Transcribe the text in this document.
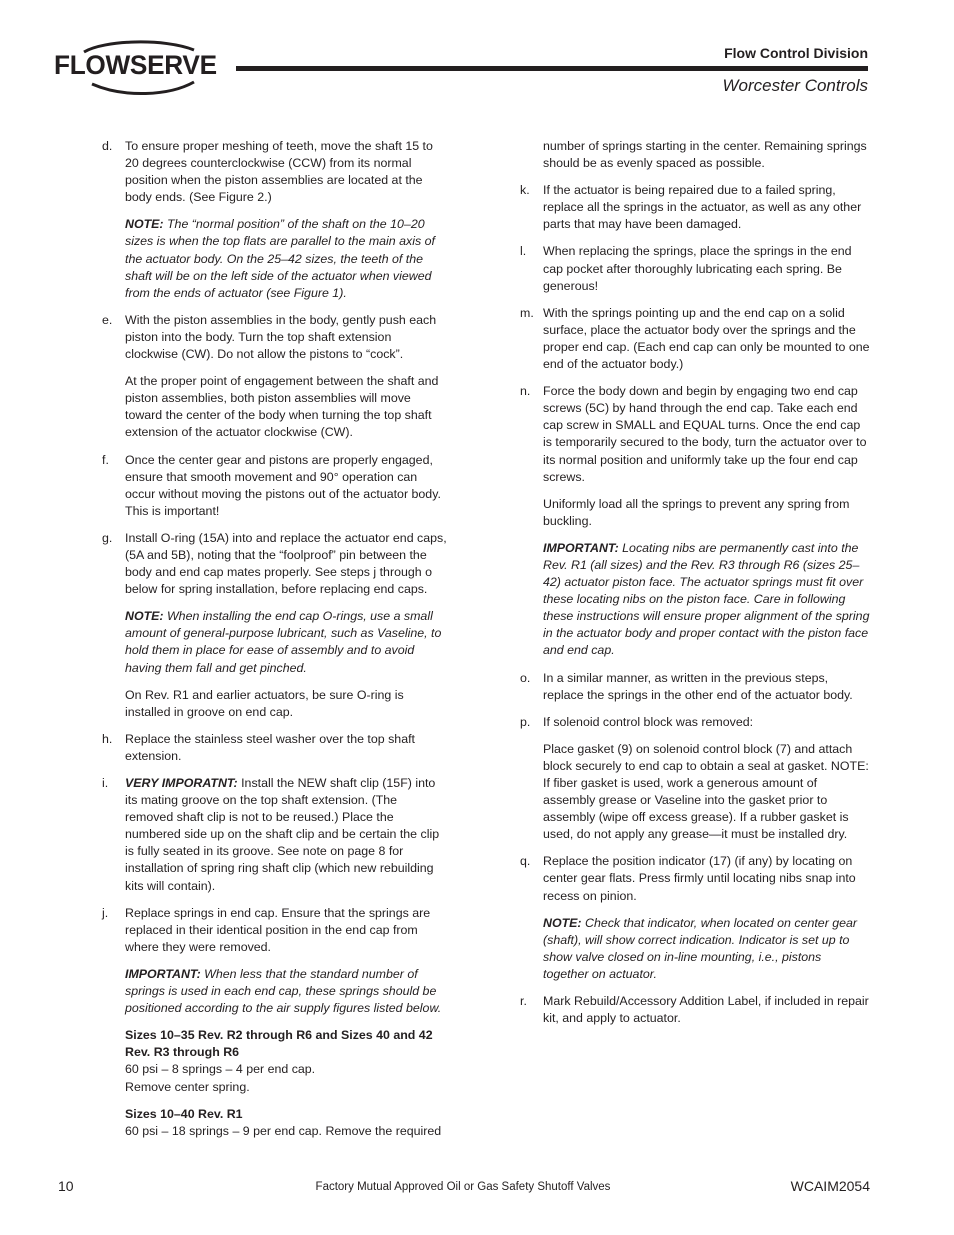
FLOWSERVE	Flow Control Division
Worcester Controls
d. To ensure proper meshing of teeth, move the shaft 15 to 20 degrees counterclockwise (CCW) from its normal position when the piston assemblies are located at the body ends. (See Figure 2.)
NOTE: The “normal position” of the shaft on the 10–20 sizes is when the top flats are parallel to the main axis of the actuator body. On the 25–42 sizes, the teeth of the shaft will be on the left side of the actuator when viewed from the ends of actuator (see Figure 1).
e. With the piston assemblies in the body, gently push each piston into the body. Turn the top shaft extension clockwise (CW). Do not allow the pistons to “cock”.
At the proper point of engagement between the shaft and piston assemblies, both piston assemblies will move toward the center of the body when turning the top shaft extension of the actuator clockwise (CW).
f. Once the center gear and pistons are properly engaged, ensure that smooth movement and 90° operation can occur without moving the pistons out of the actuator body. This is important!
g. Install O-ring (15A) into and replace the actuator end caps, (5A and 5B), noting that the “foolproof” pin between the body and end cap mates properly. See steps j through o below for spring installation, before replacing end caps.
NOTE: When installing the end cap O-rings, use a small amount of general-purpose lubricant, such as Vaseline, to hold them in place for ease of assembly and to avoid having them fall and get pinched.
On Rev. R1 and earlier actuators, be sure O-ring is installed in groove on end cap.
h. Replace the stainless steel washer over the top shaft extension.
i. VERY IMPORATNT: Install the NEW shaft clip (15F) into its mating groove on the top shaft extension. (The removed shaft clip is not to be reused.) Place the numbered side up on the shaft clip and be certain the clip is fully seated in its groove. See note on page 8 for installation of spring ring shaft clip (which new rebuilding kits will contain).
j. Replace springs in end cap. Ensure that the springs are replaced in their identical position in the end cap from where they were removed.
IMPORTANT: When less that the standard number of springs is used in each end cap, these springs should be positioned according to the air supply figures listed below.
Sizes 10–35 Rev. R2 through R6 and Sizes 40 and 42 Rev. R3 through R6
60 psi – 8 springs – 4 per end cap.
Remove center spring.
Sizes 10–40 Rev. R1
60 psi – 18 springs – 9 per end cap. Remove the required
number of springs starting in the center. Remaining springs should be as evenly spaced as possible.
k. If the actuator is being repaired due to a failed spring, replace all the springs in the actuator, as well as any other parts that may have been damaged.
l. When replacing the springs, place the springs in the end cap pocket after thoroughly lubricating each spring. Be generous!
m. With the springs pointing up and the end cap on a solid surface, place the actuator body over the springs and the proper end cap. (Each end cap can only be mounted to one end of the actuator body.)
n. Force the body down and begin by engaging two end cap screws (5C) by hand through the end cap. Take each end cap screw in SMALL and EQUAL turns. Once the end cap is temporarily secured to the body, turn the actuator over to its normal position and uniformly take up the four end cap screws.
Uniformly load all the springs to prevent any spring from buckling.
IMPORTANT: Locating nibs are permanently cast into the Rev. R1 (all sizes) and the Rev. R3 through R6 (sizes 25–42) actuator piston face. The actuator springs must fit over these locating nibs on the piston face. Care in following these instructions will ensure proper alignment of the spring in the actuator body and proper contact with the piston face and end cap.
o. In a similar manner, as written in the previous steps, replace the springs in the other end of the actuator body.
p. If solenoid control block was removed:
Place gasket (9) on solenoid control block (7) and attach block securely to end cap to obtain a seal at gasket. NOTE: If fiber gasket is used, work a generous amount of assembly grease or Vaseline into the gasket prior to assembly (wipe off excess grease). If a rubber gasket is used, do not apply any grease—it must be installed dry.
q. Replace the position indicator (17) (if any) by locating on center gear flats. Press firmly until locating nibs snap into recess on pinion.
NOTE: Check that indicator, when located on center gear (shaft), will show correct indication. Indicator is set up to show valve closed on in-line mounting, i.e., pistons together on actuator.
r. Mark Rebuild/Accessory Addition Label, if included in repair kit, and apply to actuator.
10	Factory Mutual Approved Oil or Gas Safety Shutoff Valves	WCAIM2054
